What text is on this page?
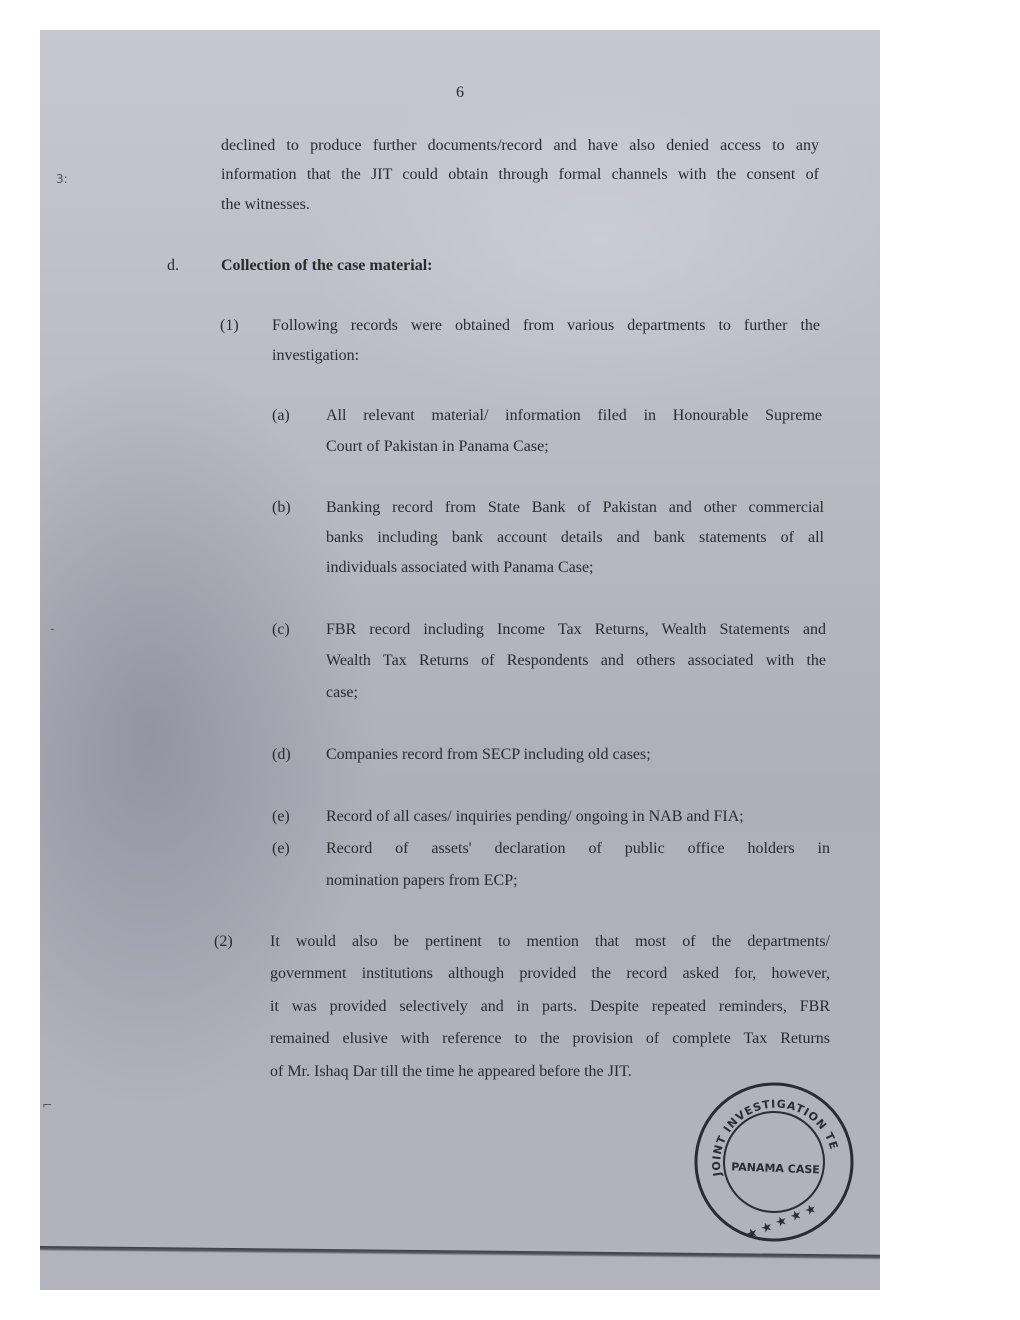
6
3:
-
⌐

declined to produce further documents/record and have also denied access to any

information that the JIT could obtain through formal channels with the consent of

the witnesses.

d.	Collection of the case material:
(1) Following records were obtained from various departments to further the

investigation:

(a) All relevant material/ information filed in Honourable Supreme

Court of Pakistan in Panama Case;

(b) Banking record from State Bank of Pakistan and other commercial

banks including bank account details and bank statements of all

individuals associated with Panama Case;

(c) FBR record including Income Tax Returns, Wealth Statements and

Wealth Tax Returns of Respondents and others associated with the

case;

(d) Companies record from SECP including old cases;

(e) Record of all cases/ inquiries pending/ ongoing in NAB and FIA;

(e) Record of assets' declaration of public office holders in

nomination papers from ECP;

(2) It would also be pertinent to mention that most of the departments/

government institutions although provided the record asked for, however,

it was provided selectively and in parts. Despite repeated reminders, FBR

remained elusive with reference to the provision of complete Tax Returns

of Mr. Ishaq Dar till the time he appeared before the JIT.

JOINT INVESTIGATION TEAM
PANAMA CASE
★ ★ ★ ★ ★
